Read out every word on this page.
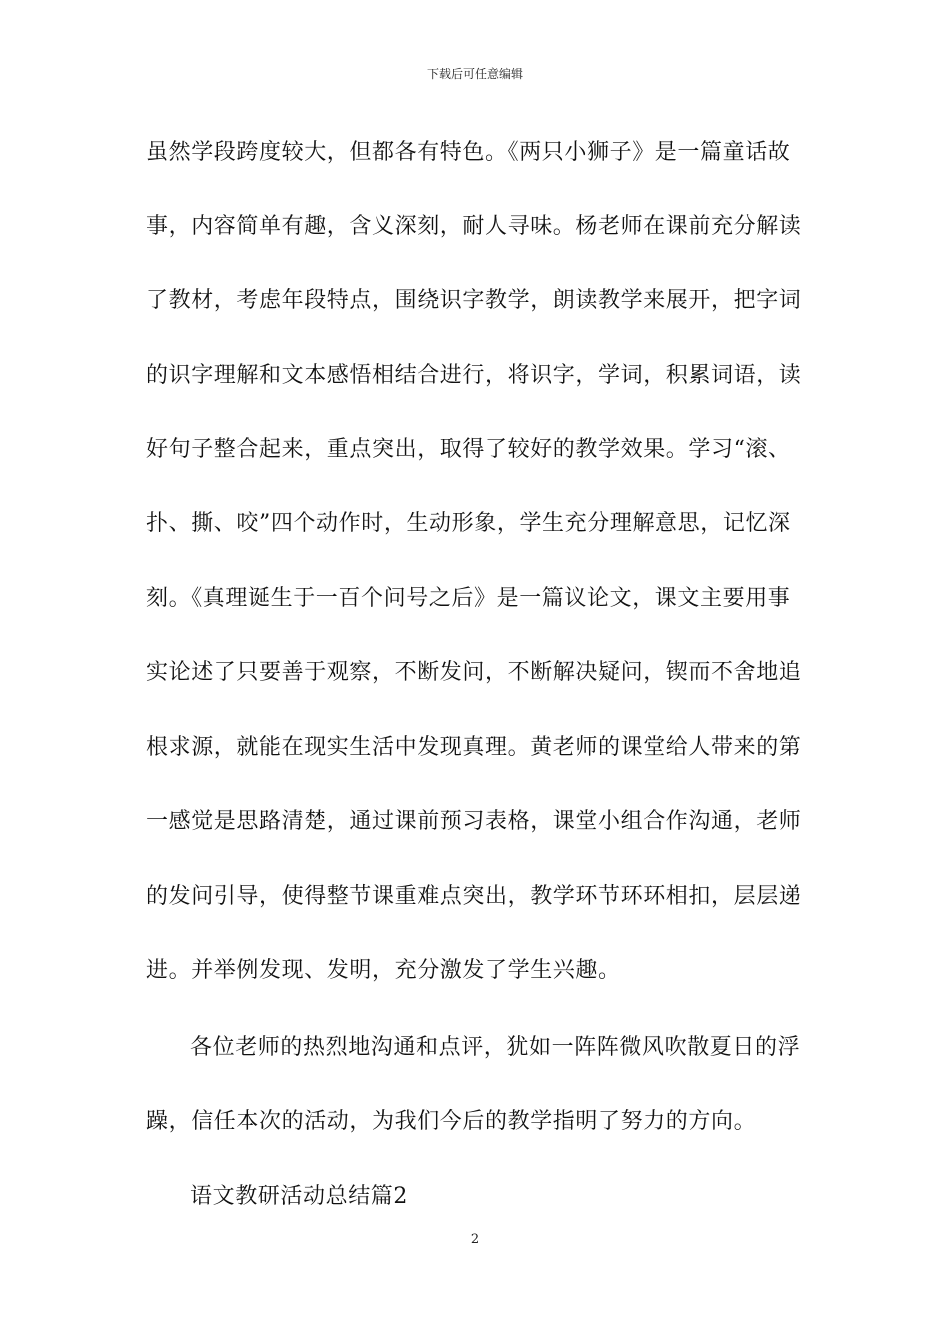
下载后可任意编辑
虽然学段跨度较大，但都各有特色。《两只小狮子》是一篇童话故
事，内容简单有趣，含义深刻，耐人寻味。杨老师在课前充分解读
了教材，考虑年段特点，围绕识字教学，朗读教学来展开，把字词
的识字理解和文本感悟相结合进行，将识字，学词，积累词语，读
好句子整合起来，重点突出，取得了较好的教学效果。学习“滚、
扑、撕、咬”四个动作时，生动形象，学生充分理解意思，记忆深
刻。《真理诞生于一百个问号之后》是一篇议论文，课文主要用事
实论述了只要善于观察，不断发问，不断解决疑问，锲而不舍地追
根求源，就能在现实生活中发现真理。黄老师的课堂给人带来的第
一感觉是思路清楚，通过课前预习表格，课堂小组合作沟通，老师
的发问引导，使得整节课重难点突出，教学环节环环相扣，层层递
进。并举例发现、发明，充分激发了学生兴趣。
各位老师的热烈地沟通和点评，犹如一阵阵微风吹散夏日的浮
躁，信任本次的活动，为我们今后的教学指明了努力的方向。
语文教研活动总结篇2
2
